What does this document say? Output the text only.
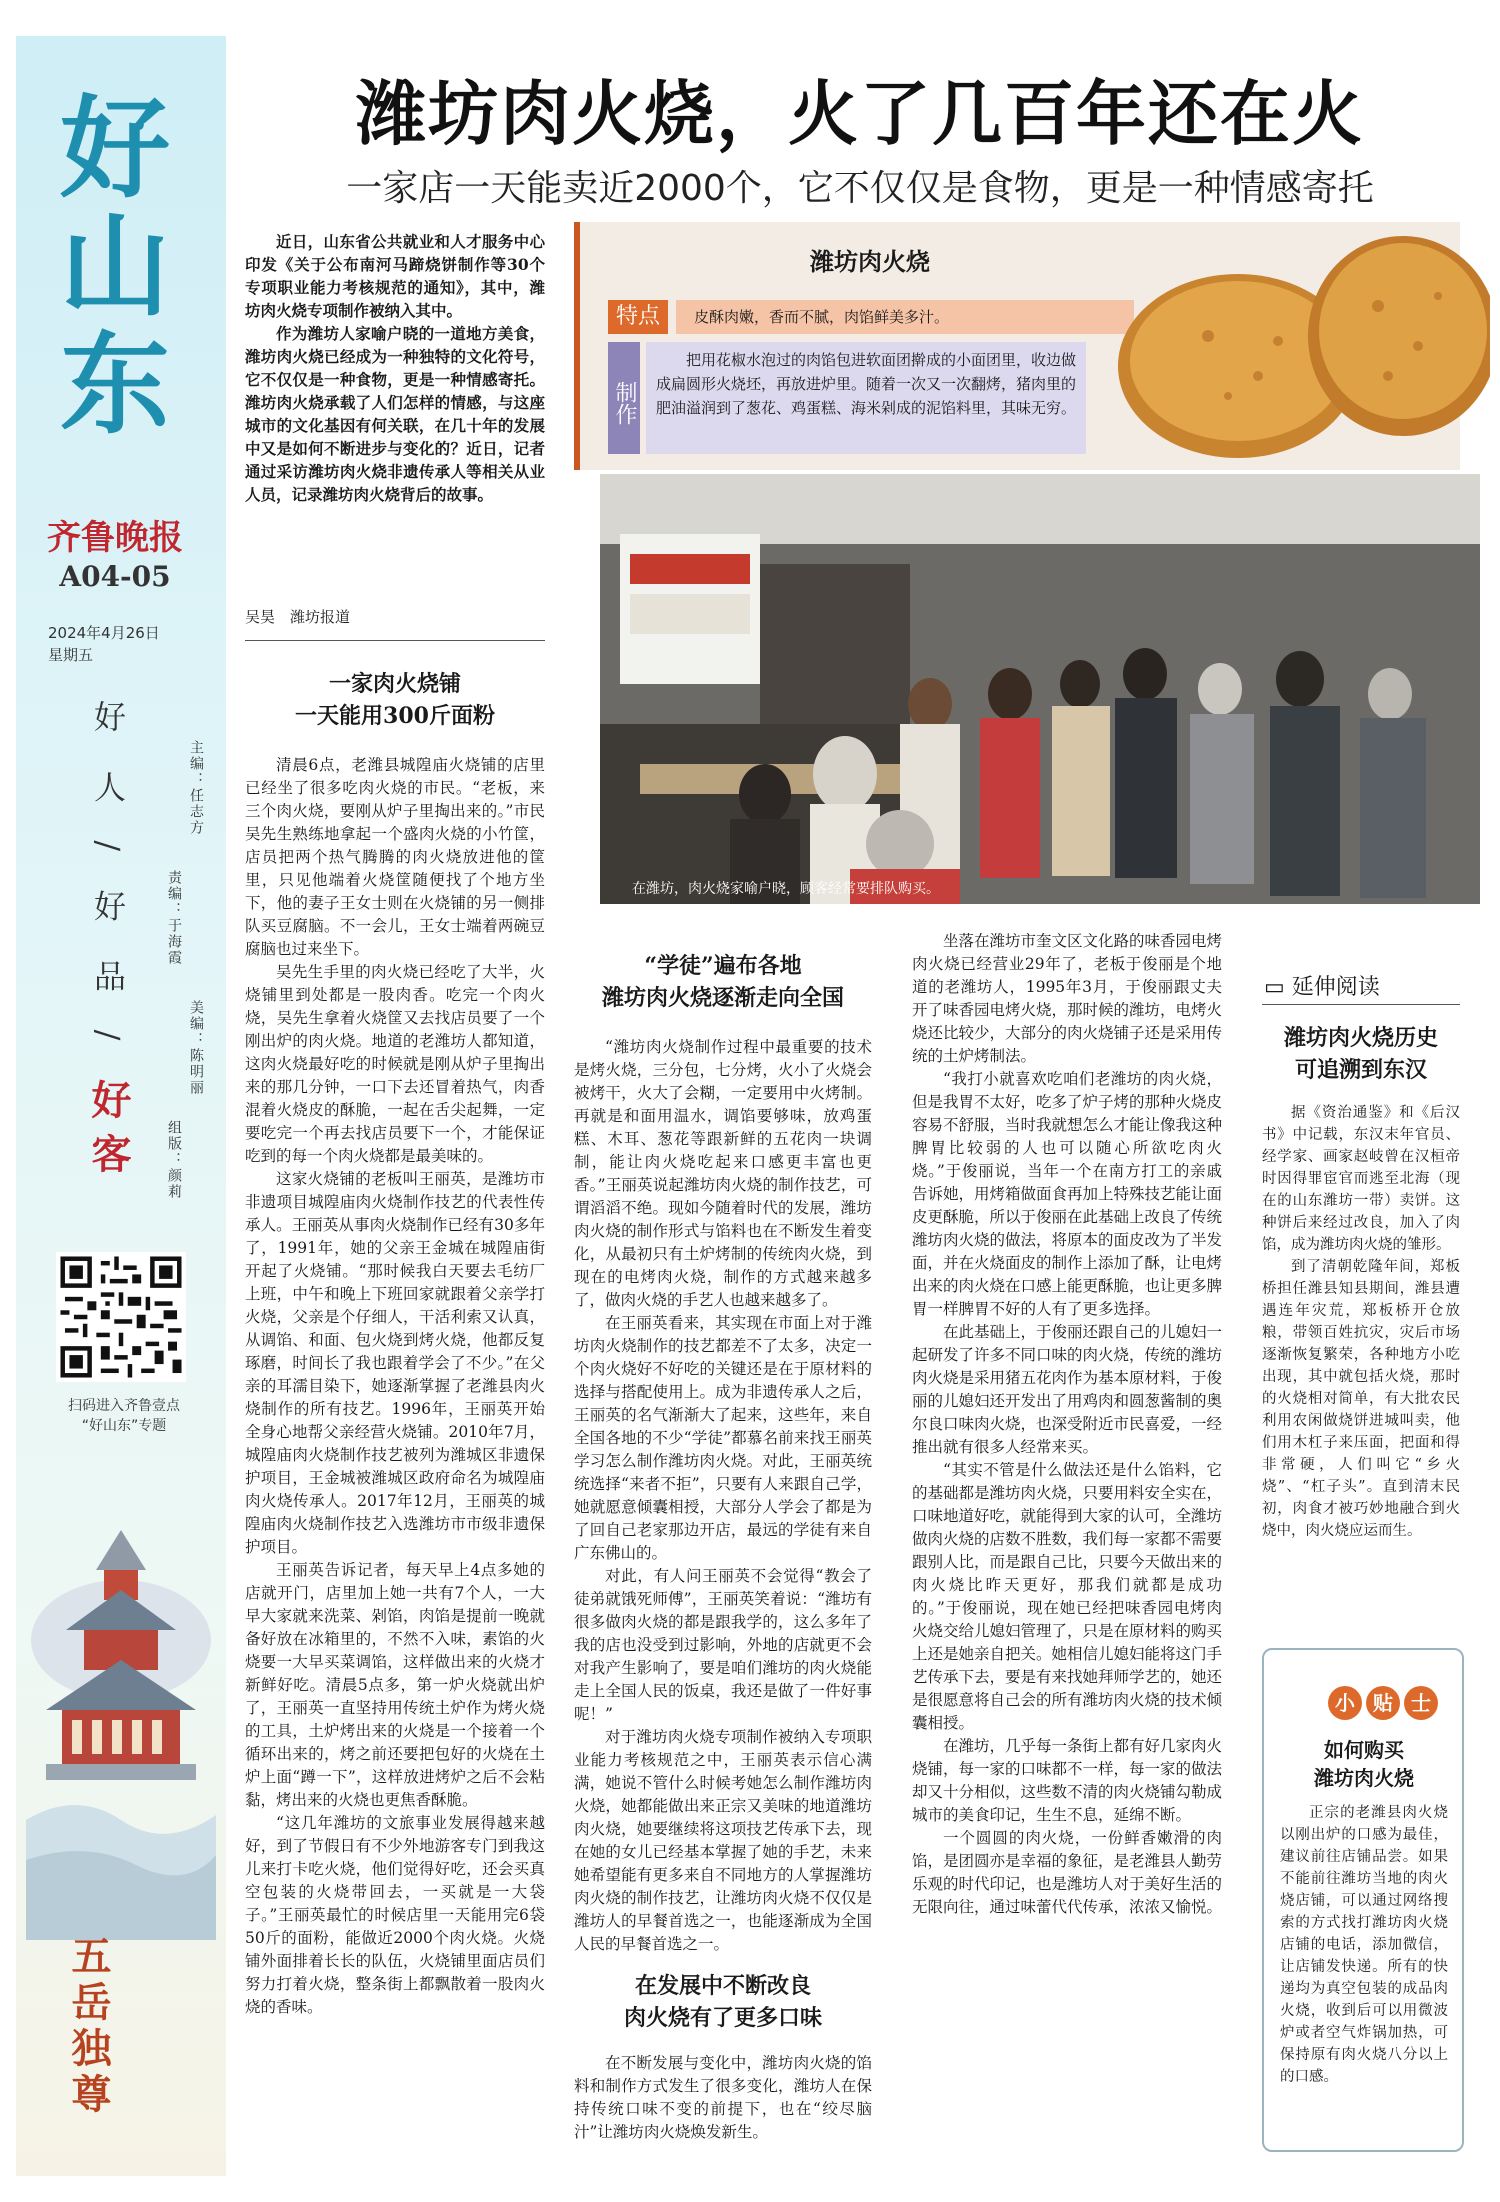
好山东
齐鲁晚报
A04-05
2024年4月26日
星期五
好 人 / 好 品 / 好客
主编：任志方
责编：于海霞
美编：陈明丽
组版：颜莉
扫码进入齐鲁壹点
“好山东”专题
五岳独尊
潍坊肉火烧，火了几百年还在火
一家店一天能卖近2000个，它不仅仅是食物，更是一种情感寄托

近日，山东省公共就业和人才服务中心印发《关于公布南河马蹄烧饼制作等30个专项职业能力考核规范的通知》，其中，潍坊肉火烧专项制作被纳入其中。

作为潍坊人家喻户晓的一道地方美食，潍坊肉火烧已经成为一种独特的文化符号，它不仅仅是一种食物，更是一种情感寄托。潍坊肉火烧承载了人们怎样的情感，与这座城市的文化基因有何关联，在几十年的发展中又是如何不断进步与变化的？近日，记者通过采访潍坊肉火烧非遗传承人等相关从业人员，记录潍坊肉火烧背后的故事。

吴昊　潍坊报道
潍坊肉火烧
特点	皮酥肉嫩，香而不腻，肉馅鲜美多汁。
制作
把用花椒水泡过的肉馅包进软面团擀成的小面团里，收边做成扁圆形火烧坯，再放进炉里。随着一次又一次翻烤，猪肉里的肥油溢润到了葱花、鸡蛋糕、海米剁成的泥馅料里，其味无穷。
在潍坊，肉火烧家喻户晓，顾客经常要排队购买。
一家肉火烧铺
一天能用300斤面粉

清晨6点，老潍县城隍庙火烧铺的店里已经坐了很多吃肉火烧的市民。“老板，来三个肉火烧，要刚从炉子里掏出来的。”市民吴先生熟练地拿起一个盛肉火烧的小竹筐，店员把两个热气腾腾的肉火烧放进他的筐里，只见他端着火烧筐随便找了个地方坐下，他的妻子王女士则在火烧铺的另一侧排队买豆腐脑。不一会儿，王女士端着两碗豆腐脑也过来坐下。

吴先生手里的肉火烧已经吃了大半，火烧铺里到处都是一股肉香。吃完一个肉火烧，吴先生拿着火烧筐又去找店员要了一个刚出炉的肉火烧。地道的老潍坊人都知道，这肉火烧最好吃的时候就是刚从炉子里掏出来的那几分钟，一口下去还冒着热气，肉香混着火烧皮的酥脆，一起在舌尖起舞，一定要吃完一个再去找店员要下一个，才能保证吃到的每一个肉火烧都是最美味的。

这家火烧铺的老板叫王丽英，是潍坊市非遗项目城隍庙肉火烧制作技艺的代表性传承人。王丽英从事肉火烧制作已经有30多年了，1991年，她的父亲王金城在城隍庙街开起了火烧铺。“那时候我白天要去毛纺厂上班，中午和晚上下班回家就跟着父亲学打火烧，父亲是个仔细人，干活利索又认真，从调馅、和面、包火烧到烤火烧，他都反复琢磨，时间长了我也跟着学会了不少。”在父亲的耳濡目染下，她逐渐掌握了老潍县肉火烧制作的所有技艺。1996年，王丽英开始全身心地帮父亲经营火烧铺。2010年7月，城隍庙肉火烧制作技艺被列为潍城区非遗保护项目，王金城被潍城区政府命名为城隍庙肉火烧传承人。2017年12月，王丽英的城隍庙肉火烧制作技艺入选潍坊市市级非遗保护项目。

王丽英告诉记者，每天早上4点多她的店就开门，店里加上她一共有7个人，一大早大家就来洗菜、剁馅，肉馅是提前一晚就备好放在冰箱里的，不然不入味，素馅的火烧要一大早买菜调馅，这样做出来的火烧才新鲜好吃。清晨5点多，第一炉火烧就出炉了，王丽英一直坚持用传统土炉作为烤火烧的工具，土炉烤出来的火烧是一个接着一个循环出来的，烤之前还要把包好的火烧在土炉上面“蹲一下”，这样放进烤炉之后不会粘黏，烤出来的火烧也更焦香酥脆。

“这几年潍坊的文旅事业发展得越来越好，到了节假日有不少外地游客专门到我这儿来打卡吃火烧，他们觉得好吃，还会买真空包装的火烧带回去，一买就是一大袋子。”王丽英最忙的时候店里一天能用完6袋50斤的面粉，能做近2000个肉火烧。火烧铺外面排着长长的队伍，火烧铺里面店员们努力打着火烧，整条街上都飘散着一股肉火烧的香味。

“学徒”遍布各地
潍坊肉火烧逐渐走向全国

“潍坊肉火烧制作过程中最重要的技术是烤火烧，三分包，七分烤，火小了火烧会被烤干，火大了会糊，一定要用中火烤制。再就是和面用温水，调馅要够味，放鸡蛋糕、木耳、葱花等跟新鲜的五花肉一块调制，能让肉火烧吃起来口感更丰富也更香。”王丽英说起潍坊肉火烧的制作技艺，可谓滔滔不绝。现如今随着时代的发展，潍坊肉火烧的制作形式与馅料也在不断发生着变化，从最初只有土炉烤制的传统肉火烧，到现在的电烤肉火烧，制作的方式越来越多了，做肉火烧的手艺人也越来越多了。

在王丽英看来，其实现在市面上对于潍坊肉火烧制作的技艺都差不了太多，决定一个肉火烧好不好吃的关键还是在于原材料的选择与搭配使用上。成为非遗传承人之后，王丽英的名气渐渐大了起来，这些年，来自全国各地的不少“学徒”都慕名前来找王丽英学习怎么制作潍坊肉火烧。对此，王丽英统统选择“来者不拒”，只要有人来跟自己学，她就愿意倾囊相授，大部分人学会了都是为了回自己老家那边开店，最远的学徒有来自广东佛山的。

对此，有人问王丽英不会觉得“教会了徒弟就饿死师傅”，王丽英笑着说：“潍坊有很多做肉火烧的都是跟我学的，这么多年了我的店也没受到过影响，外地的店就更不会对我产生影响了，要是咱们潍坊的肉火烧能走上全国人民的饭桌，我还是做了一件好事呢！”

对于潍坊肉火烧专项制作被纳入专项职业能力考核规范之中，王丽英表示信心满满，她说不管什么时候考她怎么制作潍坊肉火烧，她都能做出来正宗又美味的地道潍坊肉火烧，她要继续将这项技艺传承下去，现在她的女儿已经基本掌握了她的手艺，未来她希望能有更多来自不同地方的人掌握潍坊肉火烧的制作技艺，让潍坊肉火烧不仅仅是潍坊人的早餐首选之一，也能逐渐成为全国人民的早餐首选之一。

在发展中不断改良
肉火烧有了更多口味

在不断发展与变化中，潍坊肉火烧的馅料和制作方式发生了很多变化，潍坊人在保持传统口味不变的前提下，也在“绞尽脑汁”让潍坊肉火烧焕发新生。

坐落在潍坊市奎文区文化路的味香园电烤肉火烧已经营业29年了，老板于俊丽是个地道的老潍坊人，1995年3月，于俊丽跟丈夫开了味香园电烤火烧，那时候的潍坊，电烤火烧还比较少，大部分的肉火烧铺子还是采用传统的土炉烤制法。

“我打小就喜欢吃咱们老潍坊的肉火烧，但是我胃不太好，吃多了炉子烤的那种火烧皮容易不舒服，当时我就想怎么才能让像我这种脾胃比较弱的人也可以随心所欲吃肉火烧。”于俊丽说，当年一个在南方打工的亲戚告诉她，用烤箱做面食再加上特殊技艺能让面皮更酥脆，所以于俊丽在此基础上改良了传统潍坊肉火烧的做法，将原本的面皮改为了半发面，并在火烧面皮的制作上添加了酥，让电烤出来的肉火烧在口感上能更酥脆，也让更多脾胃一样脾胃不好的人有了更多选择。

在此基础上，于俊丽还跟自己的儿媳妇一起研发了许多不同口味的肉火烧，传统的潍坊肉火烧是采用猪五花肉作为基本原材料，于俊丽的儿媳妇还开发出了用鸡肉和圆葱酱制的奥尔良口味肉火烧，也深受附近市民喜爱，一经推出就有很多人经常来买。

“其实不管是什么做法还是什么馅料，它的基础都是潍坊肉火烧，只要用料安全实在，口味地道好吃，就能得到大家的认可，全潍坊做肉火烧的店数不胜数，我们每一家都不需要跟别人比，而是跟自己比，只要今天做出来的肉火烧比昨天更好，那我们就都是成功的。”于俊丽说，现在她已经把味香园电烤肉火烧交给儿媳妇管理了，只是在原材料的购买上还是她亲自把关。她相信儿媳妇能将这门手艺传承下去，要是有来找她拜师学艺的，她还是很愿意将自己会的所有潍坊肉火烧的技术倾囊相授。

在潍坊，几乎每一条街上都有好几家肉火烧铺，每一家的口味都不一样，每一家的做法却又十分相似，这些数不清的肉火烧铺勾勒成城市的美食印记，生生不息，延绵不断。

一个圆圆的肉火烧，一份鲜香嫩滑的肉馅，是团圆亦是幸福的象征，是老潍县人勤劳乐观的时代印记，也是潍坊人对于美好生活的无限向往，通过味蕾代代传承，浓浓又愉悦。

▭ 延伸阅读
潍坊肉火烧历史
可追溯到东汉

据《资治通鉴》和《后汉书》中记载，东汉末年官员、经学家、画家赵岐曾在汉桓帝时因得罪宦官而逃至北海（现在的山东潍坊一带）卖饼。这种饼后来经过改良，加入了肉馅，成为潍坊肉火烧的雏形。

到了清朝乾隆年间，郑板桥担任潍县知县期间，潍县遭遇连年灾荒，郑板桥开仓放粮，带领百姓抗灾，灾后市场逐渐恢复繁荣，各种地方小吃出现，其中就包括火烧，那时的火烧相对简单，有大批农民利用农闲做烧饼进城叫卖，他们用木杠子来压面，把面和得非常硬，人们叫它“乡火烧”、“杠子头”。直到清末民初，肉食才被巧妙地融合到火烧中，肉火烧应运而生。

小 贴 士
如何购买
潍坊肉火烧

正宗的老潍县肉火烧以刚出炉的口感为最佳，建议前往店铺品尝。如果不能前往潍坊当地的肉火烧店铺，可以通过网络搜索的方式找打潍坊肉火烧店铺的电话，添加微信，让店铺发快递。所有的快递均为真空包装的成品肉火烧，收到后可以用微波炉或者空气炸锅加热，可保持原有肉火烧八分以上的口感。
